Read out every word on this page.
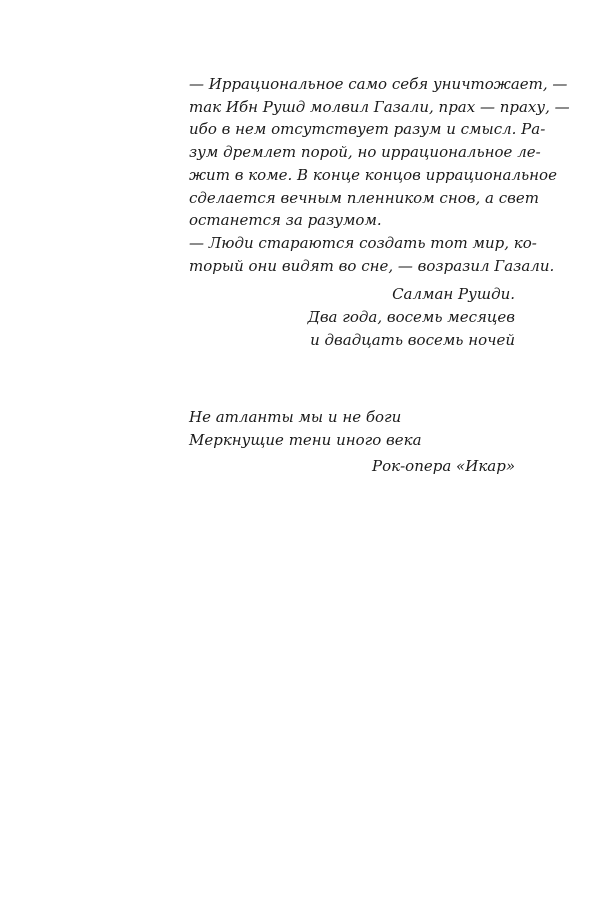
— Иррациональное само себя уничтожает, —
так Ибн Рушд молвил Газали, прах — праху, —
ибо в нем отсутствует разум и смысл. Ра-
зум дремлет порой, но иррациональное ле-
жит в коме. В конце концов иррациональное
сделается вечным пленником снов, а свет
останется за разумом.
— Люди стараются создать тот мир, ко-
торый они видят во сне, — возразил Газали.
Салман Рушди.
Два года, восемь месяцев
и двадцать восемь ночей
Не атланты мы и не боги
Меркнущие тени иного века
Рок-опера «Икар»
